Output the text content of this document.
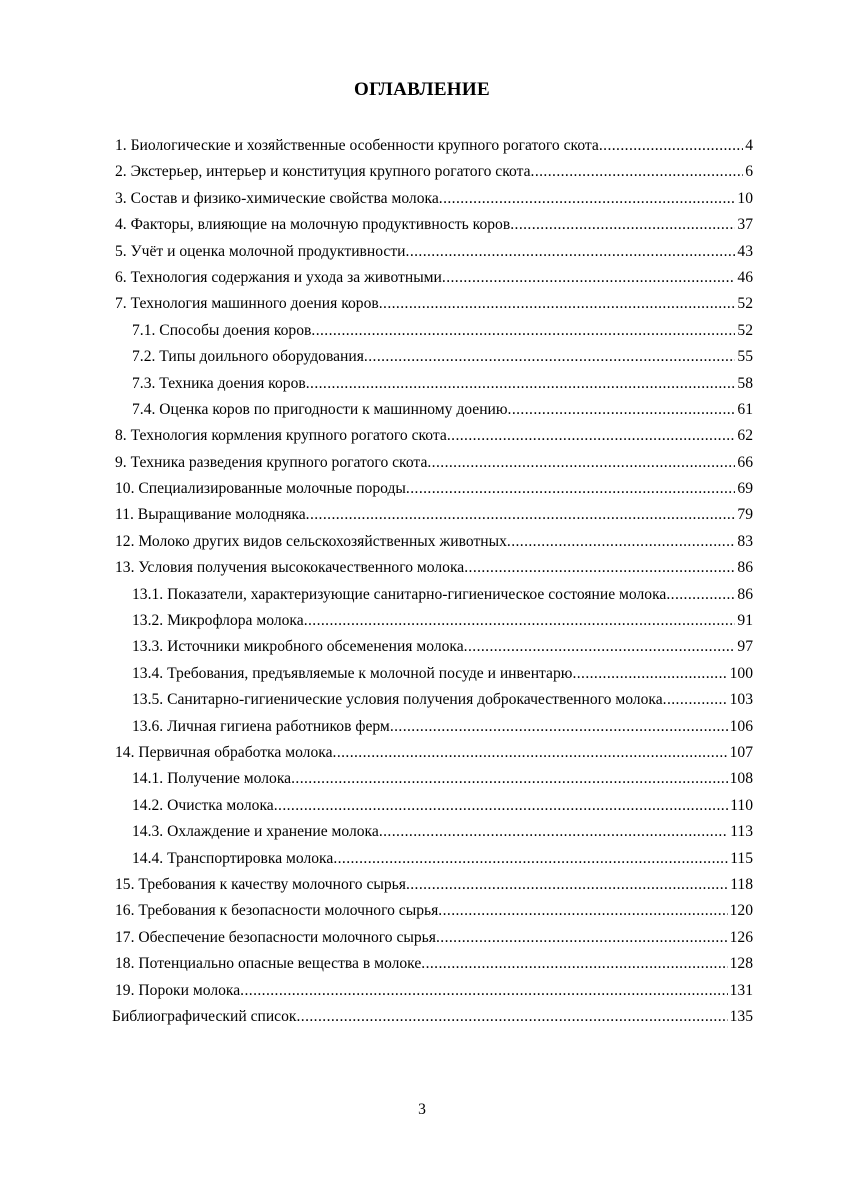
ОГЛАВЛЕНИЕ
1. Биологические и хозяйственные особенности крупного рогатого скота .....	4
2. Экстерьер, интерьер и конституция крупного рогатого скота .....	6
3. Состав и физико-химические свойства молока .....	10
4. Факторы, влияющие на молочную продуктивность коров .....	37
5. Учёт и оценка молочной продуктивности .....	43
6. Технология содержания и ухода за животными .....	46
7. Технология машинного доения коров .....	52
7.1. Способы доения коров .....	52
7.2. Типы доильного оборудования .....	55
7.3. Техника доения коров .....	58
7.4. Оценка коров по пригодности к машинному доению .....	61
8. Технология кормления крупного рогатого скота .....	62
9. Техника разведения крупного рогатого скота .....	66
10. Специализированные молочные породы .....	69
11. Выращивание молодняка .....	79
12. Молоко других видов сельскохозяйственных животных .....	83
13. Условия получения высококачественного молока .....	86
13.1. Показатели, характеризующие санитарно-гигиеническое состояние молока .....	86
13.2. Микрофлора молока .....	91
13.3. Источники микробного обсеменения молока .....	97
13.4. Требования, предъявляемые к молочной посуде и инвентарю .....	100
13.5. Санитарно-гигиенические условия получения доброкачественного молока .....	103
13.6. Личная гигиена работников ферм .....	106
14. Первичная обработка молока .....	107
14.1. Получение молока .....	108
14.2. Очистка молока .....	110
14.3. Охлаждение и хранение молока .....	113
14.4. Транспортировка молока .....	115
15. Требования к качеству молочного сырья .....	118
16. Требования к безопасности молочного сырья .....	120
17. Обеспечение безопасности молочного сырья .....	126
18. Потенциально опасные вещества в молоке .....	128
19. Пороки молока .....	131
Библиографический список .....	135
3
